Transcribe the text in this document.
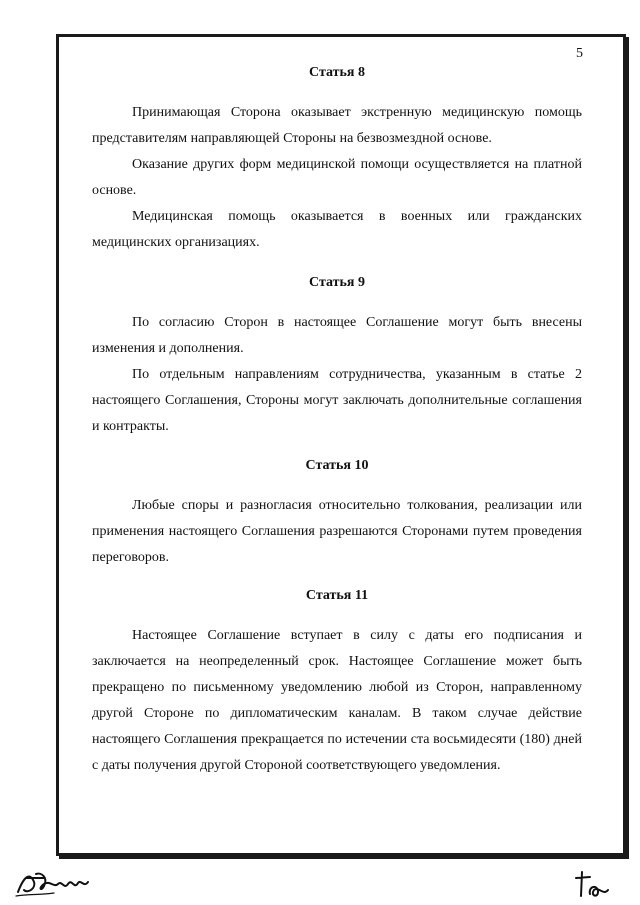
5
Статья 8

Принимающая Сторона оказывает экстренную медицинскую помощь представителям направляющей Стороны на безвозмездной основе.

Оказание других форм медицинской помощи осуществляется на платной основе.

Медицинская помощь оказывается в военных или гражданских медицинских организациях.

Статья 9

По согласию Сторон в настоящее Соглашение могут быть внесены изменения и дополнения.

По отдельным направлениям сотрудничества, указанным в статье 2 настоящего Соглашения, Стороны могут заключать дополнительные соглашения и контракты.

Статья 10

Любые споры и разногласия относительно толкования, реализации или применения настоящего Соглашения разрешаются Сторонами путем проведения переговоров.

Статья 11

Настоящее Соглашение вступает в силу с даты его подписания и заключается на неопределенный срок. Настоящее Соглашение может быть прекращено по письменному уведомлению любой из Сторон, направленному другой Стороне по дипломатическим каналам. В таком случае действие настоящего Соглашения прекращается по истечении ста восьмидесяти (180) дней с даты получения другой Стороной соответствующего уведомления.
